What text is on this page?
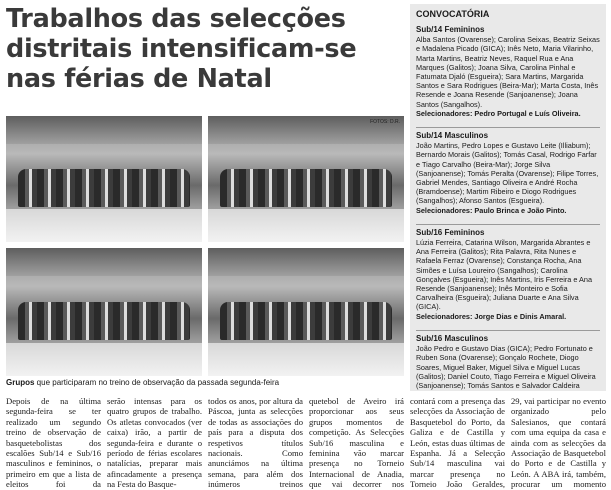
Trabalhos das selecções distritais intensificam-se nas férias de Natal
FOTOS: D.R.
Grupos que participaram no treino de observação da passada segunda-feira
CONVOCATÓRIA
Sub/14 Femininos

Alba Santos (Ovarense); Carolina Seixas, Beatriz Seixas e Madalena Picado (GICA); Inês Neto, Maria Vilarinho, Marta Martins, Beatriz Neves, Raquel Rua e Ana Marques (Galitos); Joana Silva, Carolina Pinhal e Fatumata Djaló (Esgueira); Sara Martins, Margarida Santos e Sara Rodrigues (Beira-Mar); Marta Costa, Inês Resende e Joana Resende (Sanjoanense); Joana Santos (Sangalhos).

Selecionadores: Pedro Portugal e Luís Oliveira.

Sub/14 Masculinos

João Martins, Pedro Lopes e Gustavo Leite (Illiabum); Bernardo Morais (Galitos); Tomás Casal, Rodrigo Farfar e Tiago Carvalho (Beira-Mar); Jorge Silva (Sanjoanense); Tomás Peralta (Ovarense); Filipe Torres, Gabriel Mendes, Santiago Oliveira e André Rocha (Bramdoense); Martim Ribeiro e Diogo Rodrigues (Sangalhos); Afonso Santos (Esgueira).

Selecionadores: Paulo Brinca e João Pinto.

Sub/16 Femininos

Lúzia Ferreira, Catarina Wilson, Margarida Abrantes e Ana Ferreira (Galitos); Rita Palavra, Rita Nunes e Rafaela Ferraz (Ovarense); Constança Rocha, Ana Simões e Luísa Loureiro (Sangalhos); Carolina Gonçalves (Esgueira); Inês Martins, Iris Ferreira e Ana Resende (Sanjoanense); Inês Monteiro e Sofia Carvalheira (Esgueira); Juliana Duarte e Ana Silva (GICA).

Selecionadores: Jorge Dias e Dinis Amaral.

Sub/16 Masculinos

João Pedro e Gustavo Dias (GICA); Pedro Fortunato e Ruben Sona (Ovarense); Gonçalo Rochete, Diogo Soares, Miguel Baker, Miguel Silva e Miguel Lucas (Galitos); Daniel Couto, Tiago Ferreira e Miguel Oliveira (Sanjoanense); Tomás Santos e Salvador Caldeira

Depois de na última segunda-feira se ter realizado um segundo treino de observação de basquetebolistas dos escalões Sub/14 e Sub/16 masculinos e femininos, o primeiro em que a lista de eleitos foi da
serão intensas para os quatro grupos de trabalho. Os atletas convocados (ver caixa) irão, a partir de segunda-feira e durante o período de férias escolares natalícias, preparar mais afincadamente a presença na Festa do Basque-
todos os anos, por altura da Páscoa, junta as selecções de todas as associações do país para a disputa dos respetivos títulos nacionais. Como anunciámos na última semana, para além dos inúmeros treinos
quetebol de Aveiro irá proporcionar aos seus grupos momentos de competição. As Selecções Sub/16 masculina e feminina vão marcar presença no Torneio Internacional de Anadia, que vai decorrer nos
contará com a presença das selecções da Associação de Basquetebol do Porto, da Galiza e de Castilla y León, estas duas últimas de Espanha. Já a Selecção Sub/14 masculina vai marcar presença no Torneio João Geraldes,
29, vai participar no evento organizado pelo Salesianos, que contará com uma equipa da casa e ainda com as selecções da Associação de Basquetebol do Porto e de Castilla y León. A ABA irá, também, procurar um momento
